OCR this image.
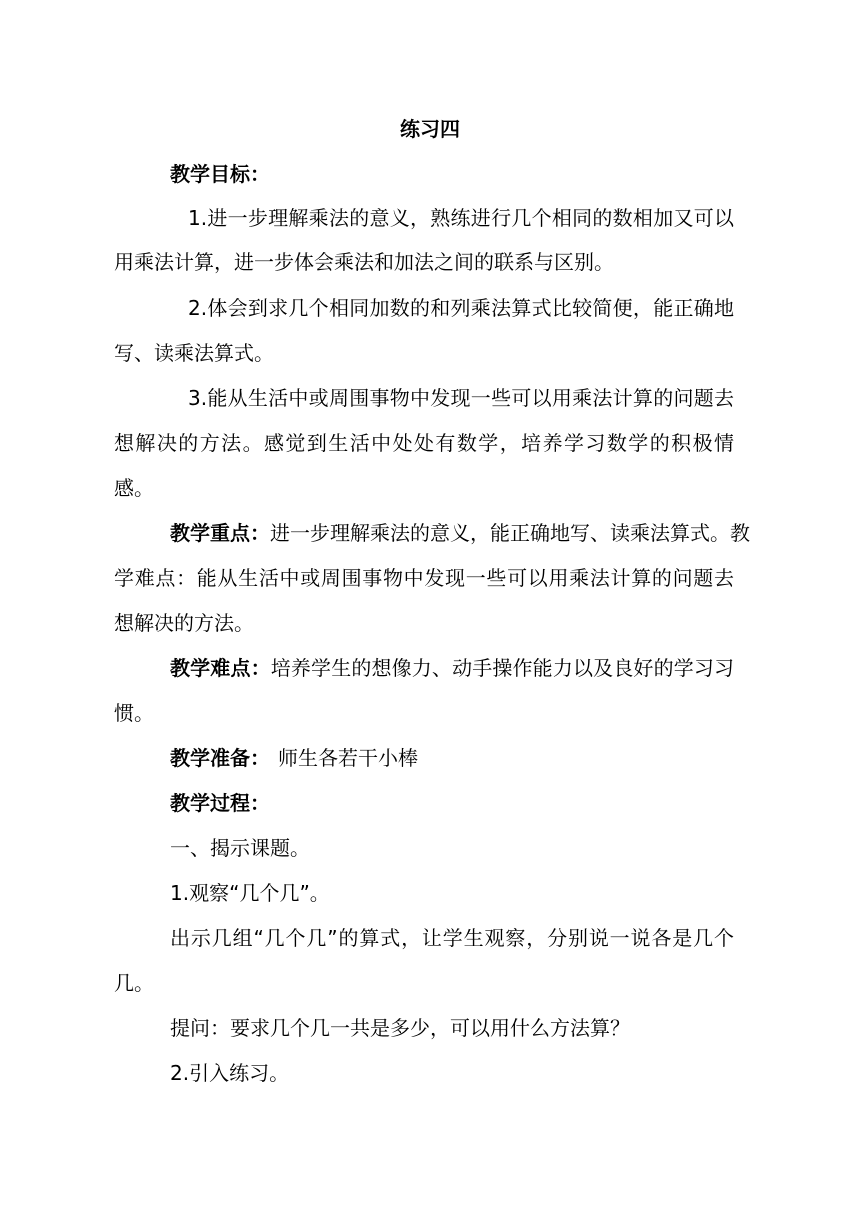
练习四
教学目标：
1.进一步理解乘法的意义，熟练进行几个相同的数相加又可以
用乘法计算，进一步体会乘法和加法之间的联系与区别。
2.体会到求几个相同加数的和列乘法算式比较简便，能正确地
写、读乘法算式。
3.能从生活中或周围事物中发现一些可以用乘法计算的问题去
想解决的方法。感觉到生活中处处有数学，培养学习数学的积极情
感。
教学重点：进一步理解乘法的意义，能正确地写、读乘法算式。教
学难点：能从生活中或周围事物中发现一些可以用乘法计算的问题去
想解决的方法。
教学难点：培养学生的想像力、动手操作能力以及良好的学习习
惯。
教学准备： 师生各若干小棒
教学过程：
一、揭示课题。
1.观察“几个几”。
出示几组“几个几”的算式，让学生观察，分别说一说各是几个
几。
提问：要求几个几一共是多少，可以用什么方法算？
2.引入练习。
